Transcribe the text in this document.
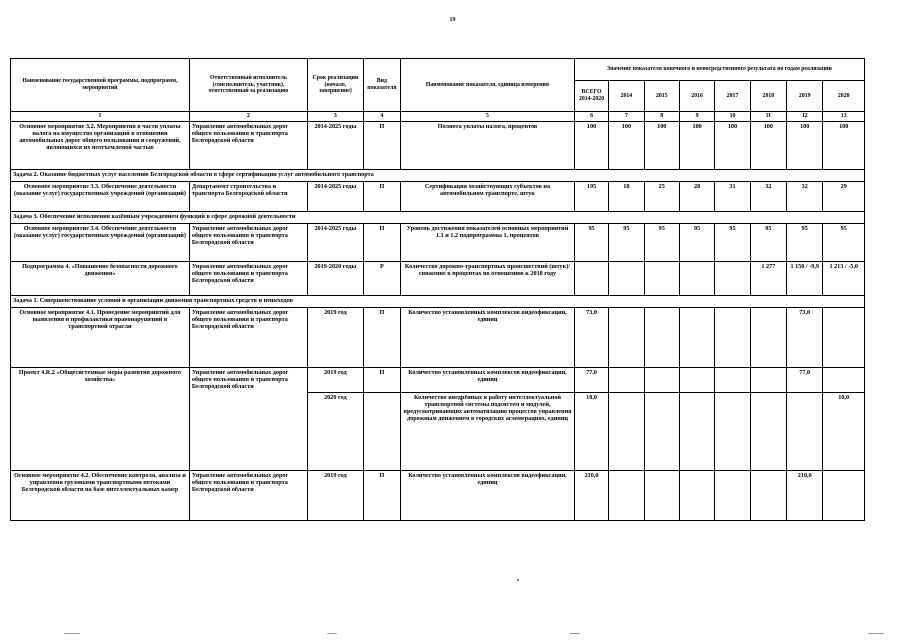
19
Наименование государственной программы, подпрограмм, мероприятий	Ответственный исполнитель (соисполнитель, участник), ответственный за реализацию	Срок реализации (начало, завершение)	Вид показателя	Наименование показателя, единица измерения	Значение показателя конечного и непосредственного результата по годам реализации							
					ВСЕГО 2014-2020	2014	2015	2016	2017	2018	2019	2020
1	2	3	4	5	6	7	8	9	10	11	12	13
Основное мероприятие 3.2. Мероприятия в части уплаты налога на имущество организаций в отношении автомобильных дорог общего пользования и сооружений, являющихся их неотъемлемой частью	Управление автомобильных дорог общего пользования и транспорта Белгородской области	2014-2025 годы	П	Полнота уплаты налога, процентов	100	100	100	100	100	100	100	100
Задача 2. Оказание бюджетных услуг населению Белгородской области в сфере сертификации услуг автомобильного транспорта												
Основное мероприятие 3.3. Обеспечение деятельности (оказание услуг) государственных учреждений (организаций)	Департамент строительства и транспорта Белгородской области	2014-2025 годы	П	Сертификация хозяйствующих субъектов на автомобильном транспорте, штук	195	18	25	28	31	32	32	29
Задача 3. Обеспечение исполнения казённым учреждением функций в сфере дорожной деятельности												
Основное мероприятие 3.4. Обеспечение деятельности (оказание услуг) государственных учреждений (организаций)	Управление автомобильных дорог общего пользования и транспорта Белгородской области	2014-2025 годы	П	Уровень достижения показателей основных мероприятий 1.1 и 1.2 подпрограммы 1, процентов	95	95	95	95	95	95	95	95
Подпрограмма 4. «Повышение безопасности дорожного движения»	Управление автомобильных дорог общего пользования и транспорта Белгородской области	2019-2020 годы	Р	Количество дорожно-транспортных происшествий (штук)/снижение в процентах по отношению к 2018 году						1 277	1 150 / -9,9	1 213 / -5,0
Задача 1. Совершенствование условий и организации движения транспортных средств и пешеходов												
Основное мероприятие 4.1. Проведение мероприятий для выявления и профилактики правонарушений в транспортной отрасли	Управление автомобильных дорог общего пользования и транспорта Белгородской области	2019 год	П	Количество установленных комплексов видеофиксации, единиц	73,0						73,0	
Проект 4.R.2 «Общесистемные меры развития дорожного хозяйства»	Управление автомобильных дорог общего пользования и транспорта Белгородской области	2019 год	П	Количество установленных комплексов видеофиксации, единиц	77,0						77,0	
		2020 год		Количество внедрённых в работу интеллектуальной транспортной системы подсистем и модулей, предусматривающих автоматизацию процессов управления дорожным движением в городских агломерациях, единиц	10,0							10,0
Основное мероприятие 4.2. Обеспечение контроля, анализа и управления грузовыми транспортными потоками Белгородской области на базе интеллектуальных камер	Управление автомобильных дорог общего пользования и транспорта Белгородской области	2019 год	П	Количество установленных комплексов видеофиксации, единиц	210,0						210,0	
